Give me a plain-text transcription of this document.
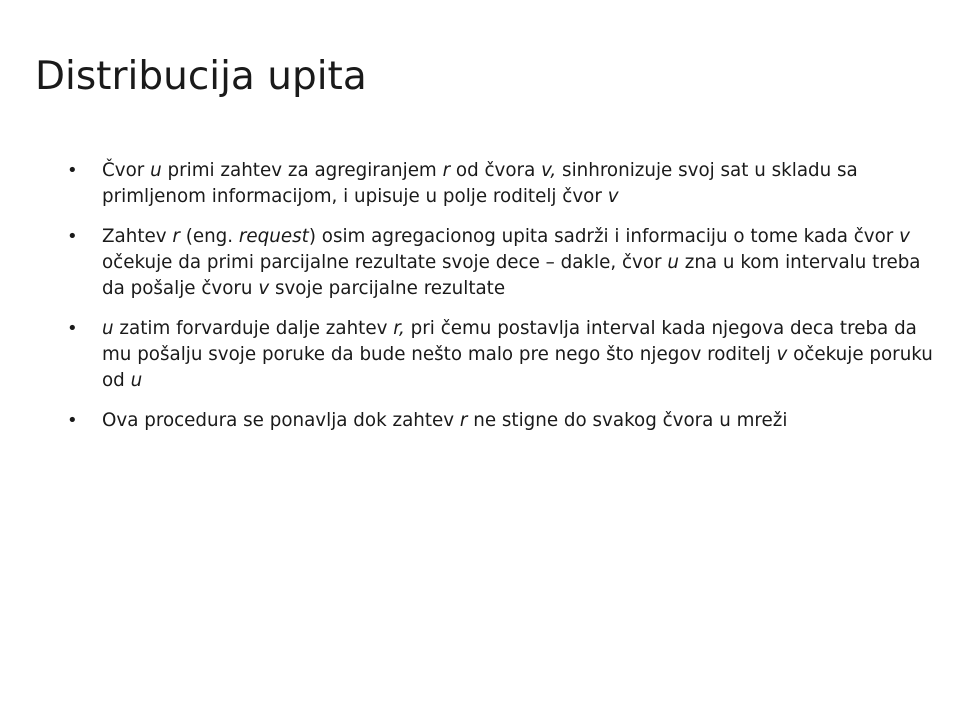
Distribucija upita
• Čvor u primi zahtev za agregiranjem r od čvora v, sinhronizuje svoj sat u skladu sa primljenom informacijom, i upisuje u polje roditelj čvor v
• Zahtev r (eng. request) osim agregacionog upita sadrži i informaciju o tome kada čvor v očekuje da primi parcijalne rezultate svoje dece – dakle, čvor u zna u kom intervalu treba da pošalje čvoru v svoje parcijalne rezultate
• u zatim forvarduje dalje zahtev r, pri čemu postavlja interval kada njegova deca treba da mu pošalju svoje poruke da bude nešto malo pre nego što njegov roditelj v očekuje poruku od u
• Ova procedura se ponavlja dok zahtev r ne stigne do svakog čvora u mreži
